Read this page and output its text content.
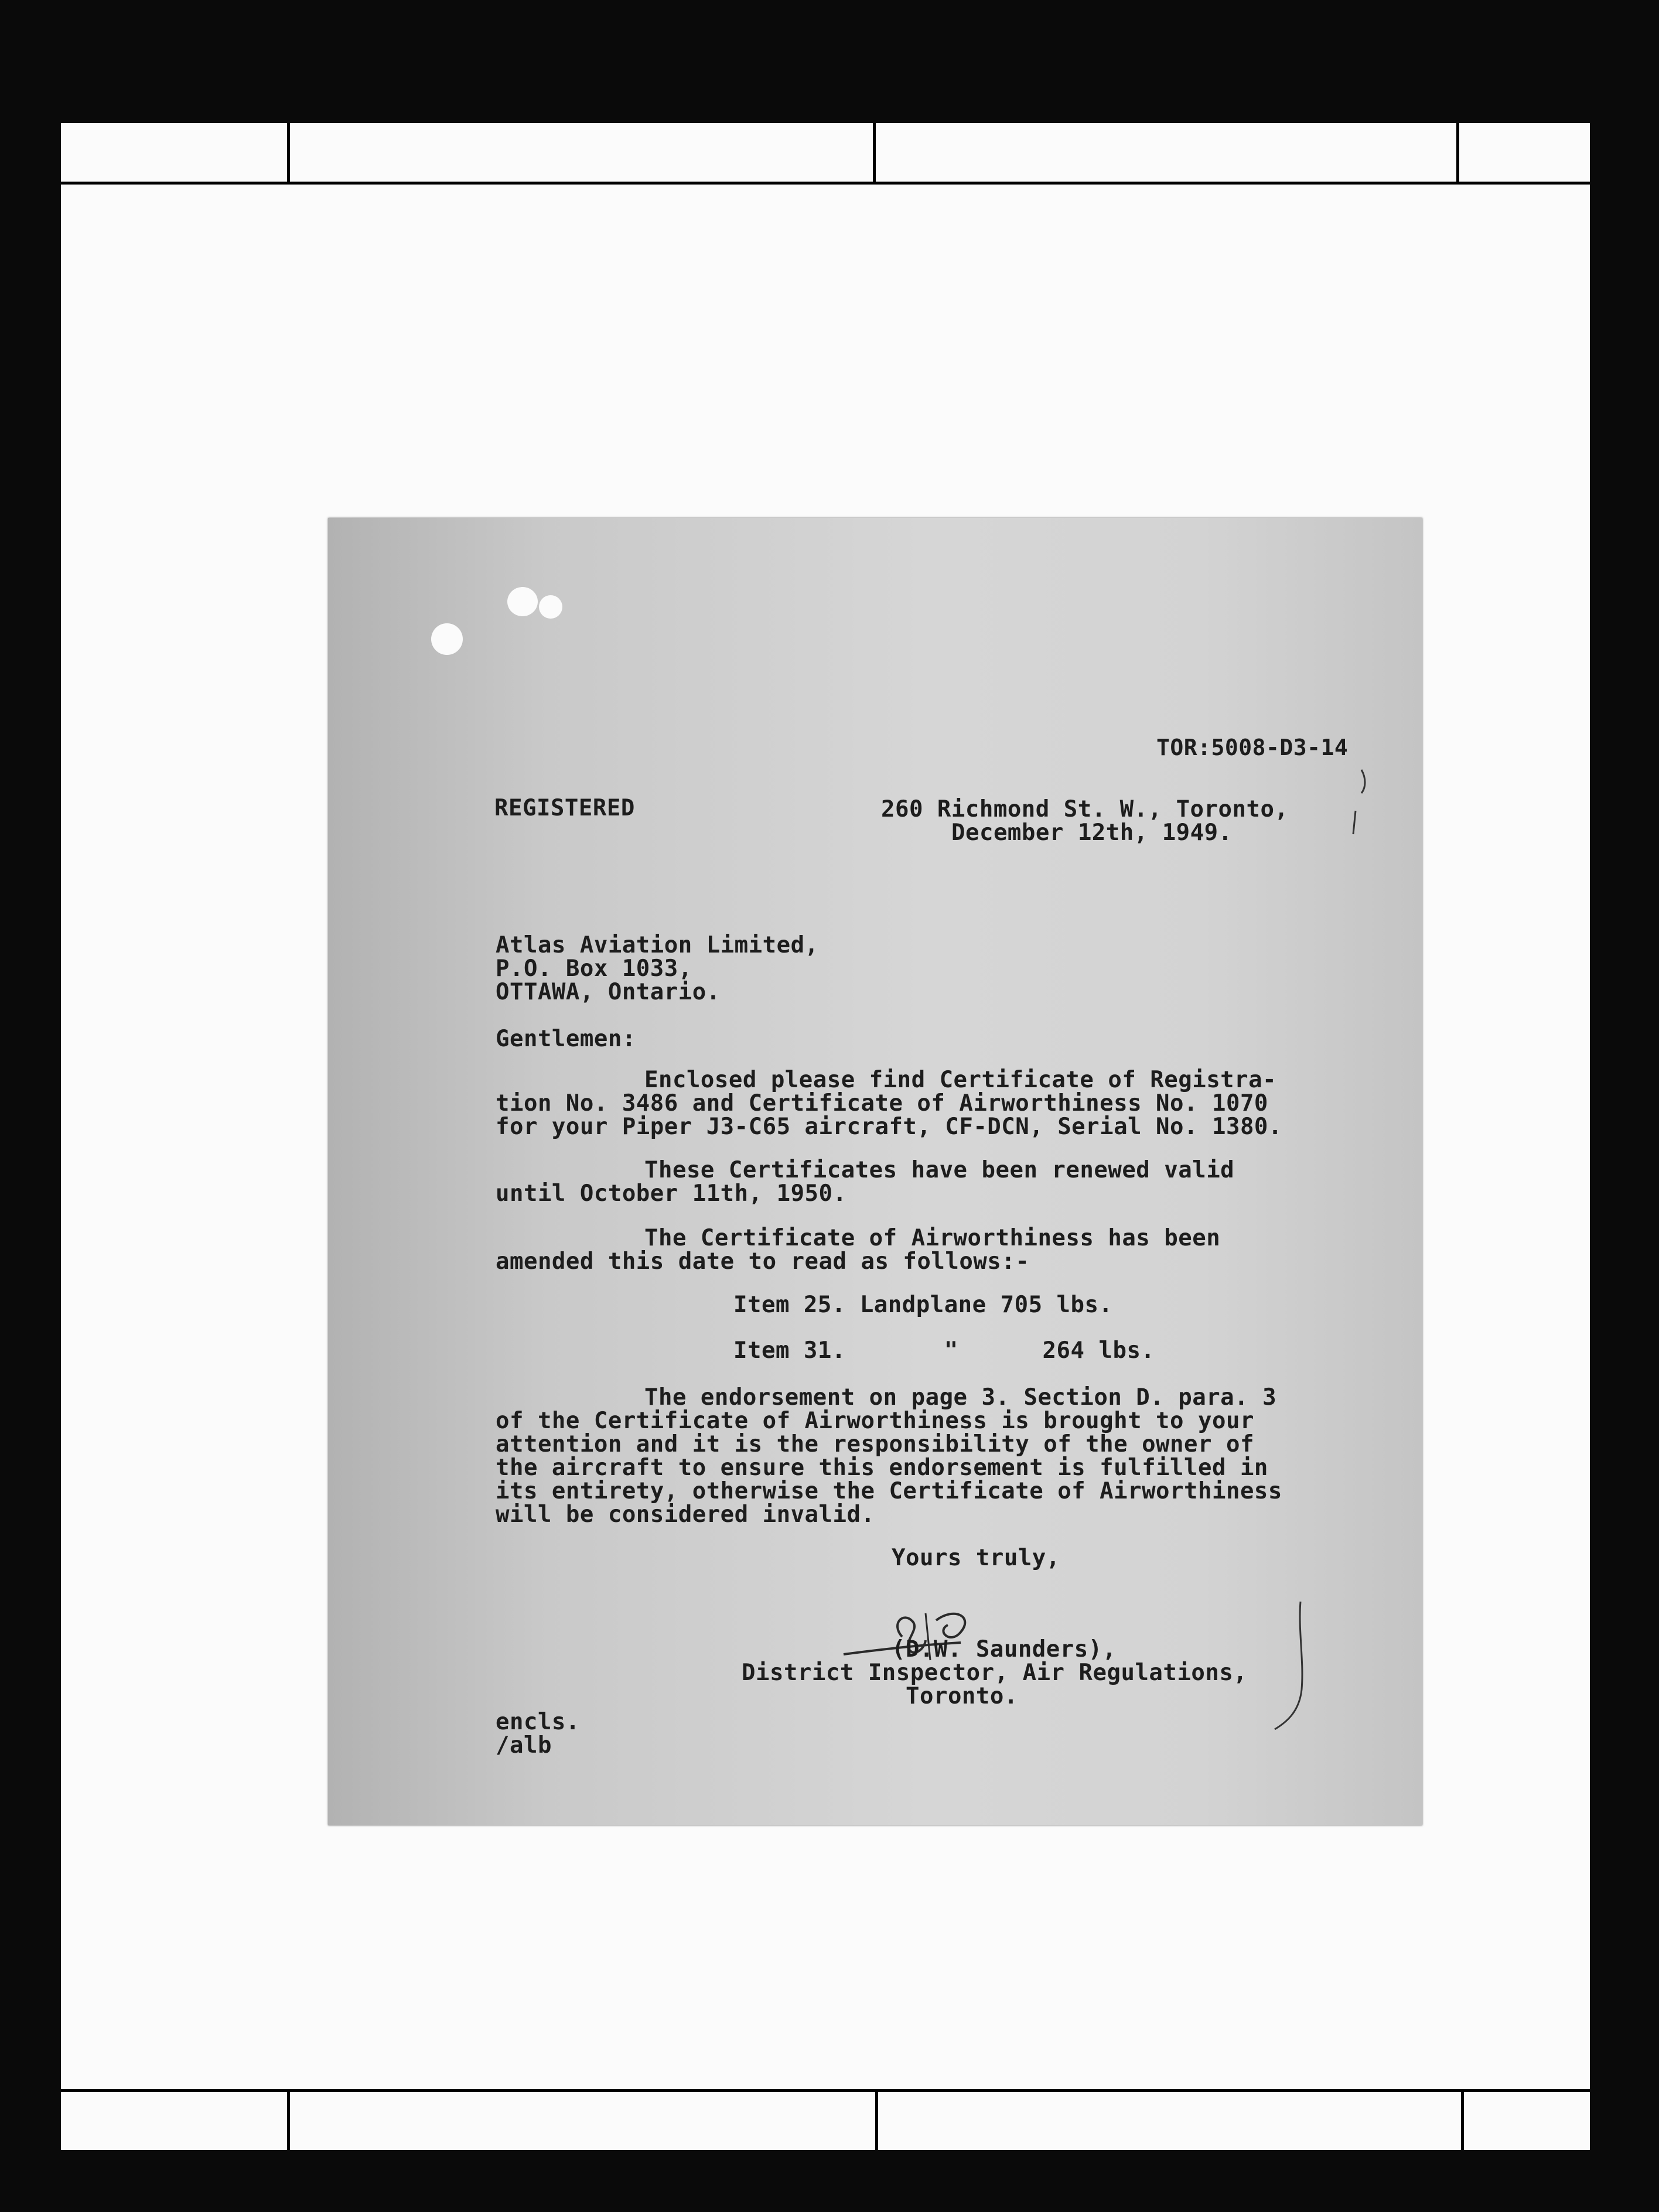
TOR:5008-D3-14
REGISTERED	260 Richmond St. W., Toronto,
December 12th, 1949.
Atlas Aviation Limited,
P.O. Box 1033,
OTTAWA, Ontario.
Gentlemen:
Enclosed please find Certificate of Registra-
tion No. 3486 and Certificate of Airworthiness No. 1070
for your Piper J3-C65 aircraft, CF-DCN, Serial No. 1380.
These Certificates have been renewed valid
until October 11th, 1950.
The Certificate of Airworthiness has been
amended this date to read as follows:-
Item 25. Landplane 705 lbs.
Item 31.       "      264 lbs.
The endorsement on page 3. Section D. para. 3
of the Certificate of Airworthiness is brought to your
attention and it is the responsibility of the owner of
the aircraft to ensure this endorsement is fulfilled in
its entirety, otherwise the Certificate of Airworthiness
will be considered invalid.
Yours truly,
(D.W. Saunders),
District Inspector, Air Regulations,
Toronto.
encls.
/alb
